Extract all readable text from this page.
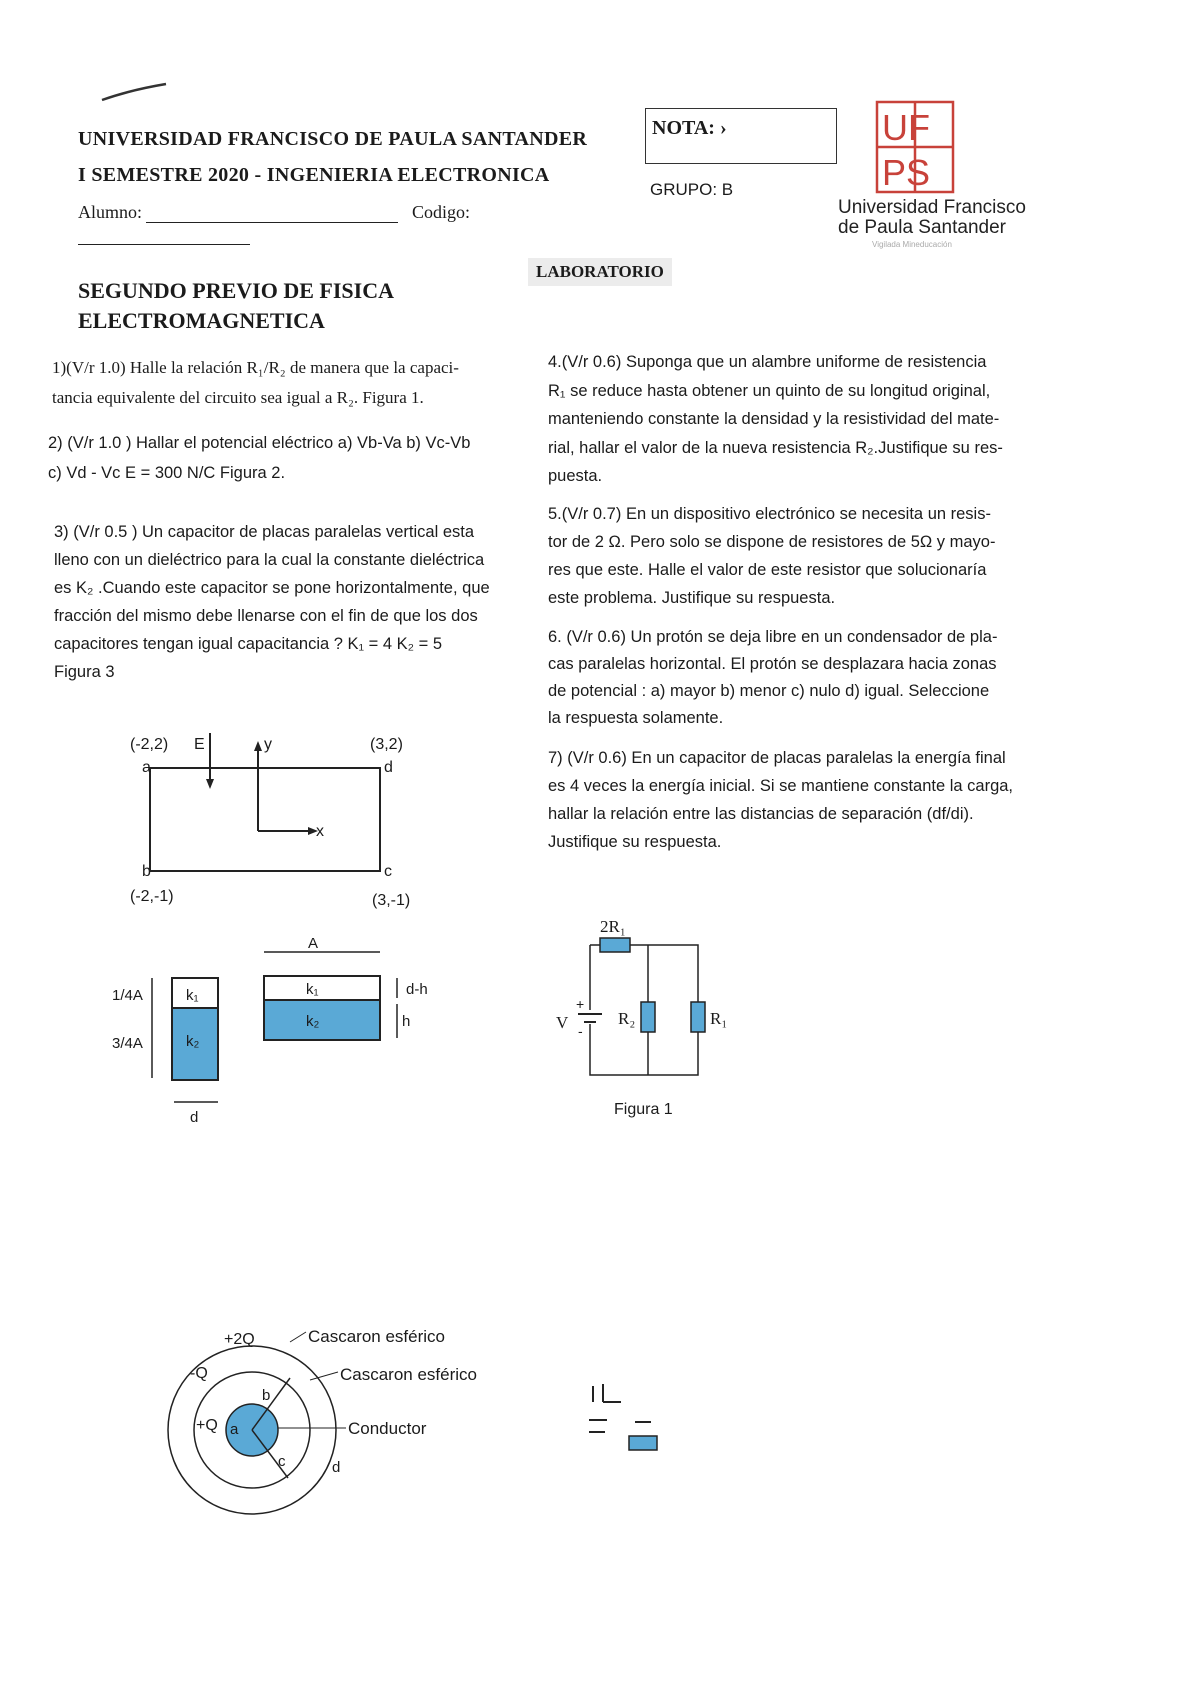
UNIVERSIDAD FRANCISCO DE PAULA SANTANDER
I SEMESTRE 2020 - INGENIERIA ELECTRONICA
Alumno:	Codigo:
NOTA: ›
GRUPO: B
UF
PS
Universidad Francisco
de Paula Santander
Vigilada Mineducación
SEGUNDO PREVIO DE FISICA
ELECTROMAGNETICA
LABORATORIO
1)(V/r 1.0) Halle la relación R₁/R₂ de manera que la capaci-
tancia equivalente del circuito sea igual a R₂. Figura 1.
2) (V/r 1.0 ) Hallar el potencial eléctrico a) Vb-Va b) Vc-Vb
c) Vd - Vc E = 300 N/C Figura 2.
3) (V/r 0.5 ) Un capacitor de placas paralelas vertical esta
lleno con un dieléctrico para la cual la constante dieléctrica
es K₂ .Cuando este capacitor se pone horizontalmente, que
fracción del mismo debe llenarse con el fin de que los dos
capacitores tengan igual capacitancia ? K₁ = 4 K₂ = 5
Figura 3
4.(V/r 0.6) Suponga que un alambre uniforme de resistencia
R₁ se reduce hasta obtener un quinto de su longitud original,
manteniendo constante la densidad y la resistividad del mate-
rial, hallar el valor de la nueva resistencia R₂.Justifique su res-
puesta.
5.(V/r 0.7) En un dispositivo electrónico se necesita un resis-
tor de 2 Ω. Pero solo se dispone de resistores de 5Ω y mayo-
res que este. Halle el valor de este resistor que solucionaría
este problema. Justifique su respuesta.
6. (V/r 0.6) Un protón se deja libre en un condensador de pla-
cas paralelas horizontal. El protón se desplazara hacia zonas
de potencial : a) mayor b) menor c) nulo d) igual. Seleccione
la respuesta solamente.
7) (V/r 0.6) En un capacitor de placas paralelas la energía final
es 4 veces la energía inicial. Si se mantiene constante la carga,
hallar la relación entre las distancias de separación (df/di).
Justifique su respuesta.
(-2,2)
a
E	y	(3,2)
d
x
b	c
(-2,-1)	(3,-1)
1/4A
3/4A
k₁
k₂
d
A
k₁
k₂
d-h
h
+
-
V
2R₁
R₂	R₁
Figura 1
+2Q
-Q
+Q a
b
c	d
Cascaron esférico
Cascaron esférico
Conductor
